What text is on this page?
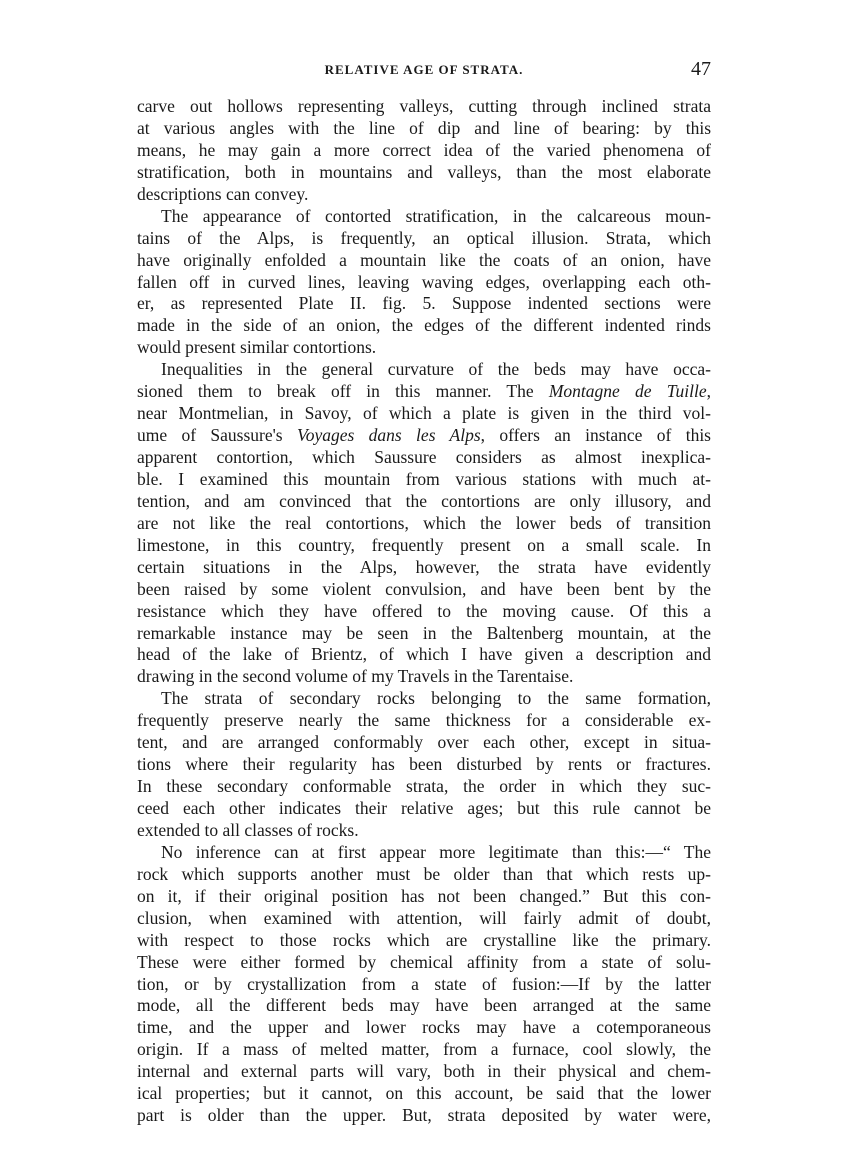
RELATIVE AGE OF STRATA.	47
carve out hollows representing valleys, cutting through inclined strata
at various angles with the line of dip and line of bearing: by this
means, he may gain a more correct idea of the varied phenomena of
stratification, both in mountains and valleys, than the most elaborate
descriptions can convey.
The appearance of contorted stratification, in the calcareous moun-
tains of the Alps, is frequently, an optical illusion. Strata, which
have originally enfolded a mountain like the coats of an onion, have
fallen off in curved lines, leaving waving edges, overlapping each oth-
er, as represented Plate II. fig. 5. Suppose indented sections were
made in the side of an onion, the edges of the different indented rinds
would present similar contortions.
Inequalities in the general curvature of the beds may have occa-
sioned them to break off in this manner. The Montagne de Tuille,
near Montmelian, in Savoy, of which a plate is given in the third vol-
ume of Saussure's Voyages dans les Alps, offers an instance of this
apparent contortion, which Saussure considers as almost inexplica-
ble. I examined this mountain from various stations with much at-
tention, and am convinced that the contortions are only illusory, and
are not like the real contortions, which the lower beds of transition
limestone, in this country, frequently present on a small scale. In
certain situations in the Alps, however, the strata have evidently
been raised by some violent convulsion, and have been bent by the
resistance which they have offered to the moving cause. Of this a
remarkable instance may be seen in the Baltenberg mountain, at the
head of the lake of Brientz, of which I have given a description and
drawing in the second volume of my Travels in the Tarentaise.
The strata of secondary rocks belonging to the same formation,
frequently preserve nearly the same thickness for a considerable ex-
tent, and are arranged conformably over each other, except in situa-
tions where their regularity has been disturbed by rents or fractures.
In these secondary conformable strata, the order in which they suc-
ceed each other indicates their relative ages; but this rule cannot be
extended to all classes of rocks.
No inference can at first appear more legitimate than this:—“ The
rock which supports another must be older than that which rests up-
on it, if their original position has not been changed.” But this con-
clusion, when examined with attention, will fairly admit of doubt,
with respect to those rocks which are crystalline like the primary.
These were either formed by chemical affinity from a state of solu-
tion, or by crystallization from a state of fusion:—If by the latter
mode, all the different beds may have been arranged at the same
time, and the upper and lower rocks may have a cotemporaneous
origin. If a mass of melted matter, from a furnace, cool slowly, the
internal and external parts will vary, both in their physical and chem-
ical properties; but it cannot, on this account, be said that the lower
part is older than the upper. But, strata deposited by water were,
